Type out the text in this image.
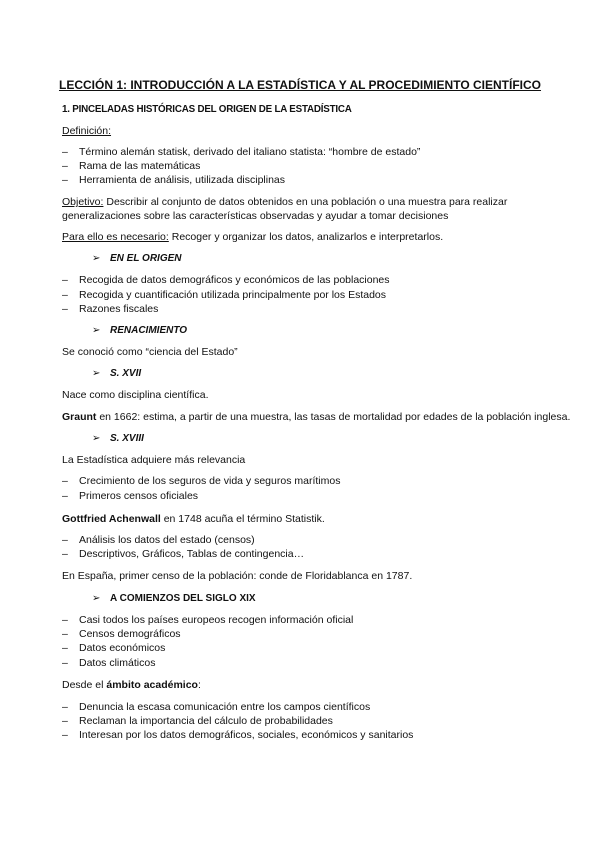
LECCIÓN 1: INTRODUCCIÓN A LA ESTADÍSTICA Y AL PROCEDIMIENTO CIENTÍFICO
1. PINCELADAS HISTÓRICAS DEL ORIGEN DE LA ESTADÍSTICA
Definición:
– Término alemán statisk, derivado del italiano statista: “hombre de estado”
– Rama de las matemáticas
– Herramienta de análisis, utilizada disciplinas
Objetivo: Describir al conjunto de datos obtenidos en una población o una muestra para realizar
generalizaciones sobre las características observadas y ayudar a tomar decisiones
Para ello es necesario: Recoger y organizar los datos, analizarlos e interpretarlos.
➢ EN EL ORIGEN
– Recogida de datos demográficos y económicos de las poblaciones
– Recogida y cuantificación utilizada principalmente por los Estados
– Razones fiscales
➢ RENACIMIENTO
Se conoció como “ciencia del Estado”
➢ S. XVII
Nace como disciplina científica.
Graunt en 1662: estima, a partir de una muestra, las tasas de mortalidad por edades de la población inglesa.
➢ S. XVIII
La Estadística adquiere más relevancia
– Crecimiento de los seguros de vida y seguros marítimos
– Primeros censos oficiales
Gottfried Achenwall en 1748 acuña el término Statistik.
– Análisis los datos del estado (censos)
– Descriptivos, Gráficos, Tablas de contingencia…
En España, primer censo de la población: conde de Floridablanca en 1787.
➢ A COMIENZOS DEL SIGLO XIX
– Casi todos los países europeos recogen información oficial
– Censos demográficos
– Datos económicos
– Datos climáticos
Desde el ámbito académico:
– Denuncia la escasa comunicación entre los campos científicos
– Reclaman la importancia del cálculo de probabilidades
– Interesan por los datos demográficos, sociales, económicos y sanitarios
